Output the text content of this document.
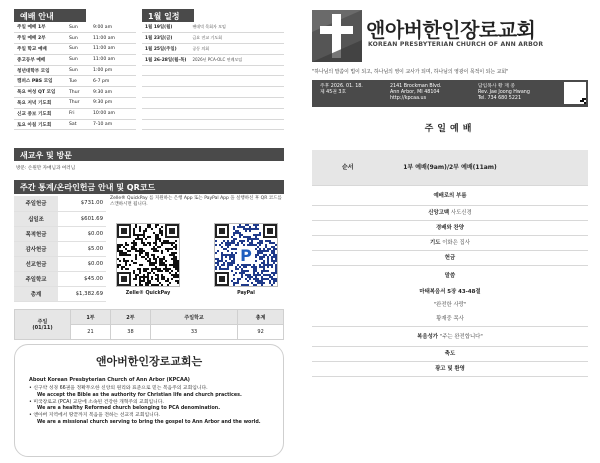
예배 안내
주일 예배 1부	Sun	9:00 am
주일 예배 2부	Sun	11:00 am
주일 학교 예배	Sun	11:00 am
중고등부 예배	Sun	11:00 am
청년대학부 모임	Sun	1:00 pm
캠퍼스 PBS 모임	Tue	6-7 pm
목요 여성 QT 모임	Thur	9:30 am
목요 저녁 기도회	Thur	9:30 pm
신교 중보 기도회	Fri	10:00 am
토요 아침 기도회	Sat	7-10 am
1월 일정
1월 19일(월)	팬데믹 목회자 모임
1월 23일(금)	금요 전교 기도회
1월 25일(주일)	공동 의회
1월 26-28일(월-목)	2026년 PCA-OLC 연례모임

새교우 및 방문
방문: 손원만 자매님과 여러님
주간 통계/온라인헌금 안내 및 QR코드
주일헌금	$731.00
십일조	$601.69
목적헌금	$0.00
감사헌금	$5.00
선교헌금	$0.00
주일학교	$45.00
총계	$1,382.69
Zelle® QuickPay 를 지원하는 은행 App 또는 PayPal App 을 실행하신 후 QR 코드를 스캔하시면 됩니다.
P
Zelle® QuickPay	PayPal
주일
(01/11)	1부	2부	주일학교	총계
	21	38	33	92
앤아버한인장로교회는
About Korean Presbyterian Church of Ann Arbor (KPCAA)
• 신구약 성경 66권을 정확무오한 신앙의 원리와 표준으로 믿는 복음주의 교회입니다.
We accept the Bible as the authority for Christian life and church practices.
• 미국장로교 (PCA) 교단에 소속된 건강한 개혁주의 교회입니다.
We are a healthy Reformed church belonging to PCA denomination.
• 앤아버 지역에서 땅끝까지 복음을 전하는 선교적 교회입니다.
We are a missional church serving to bring the gospel to Ann Arbor and the world.
앤아버한인장로교회
KOREAN PRESBYTERIAN CHURCH OF ANN ARBOR
"하나님의 말씀이 법이 되고, 하나님의 영이 교사가 되며, 하나님의 영광이 목적이 되는 교회"
주후 2026. 01. 18.
제 45권 3호
2141 Brockman Blvd.
Ann Arbor, MI 48104
http://kpcaa.us
담임목사 황 재 중
Rev. Jae Joong Hwang
Tel. 734 680 5221
주일예배
순서	1부 예배(9am)/2부 예배(11am)
예배로의 부름
신앙고백 사도신경
경배와 찬양
기도 이화은 집사
헌금
말씀
마태복음서 5장 43-48절
"완전한 사랑"
황재중 목사
복음성가 "주는 완전합니다"
축도
광고 및 환영
